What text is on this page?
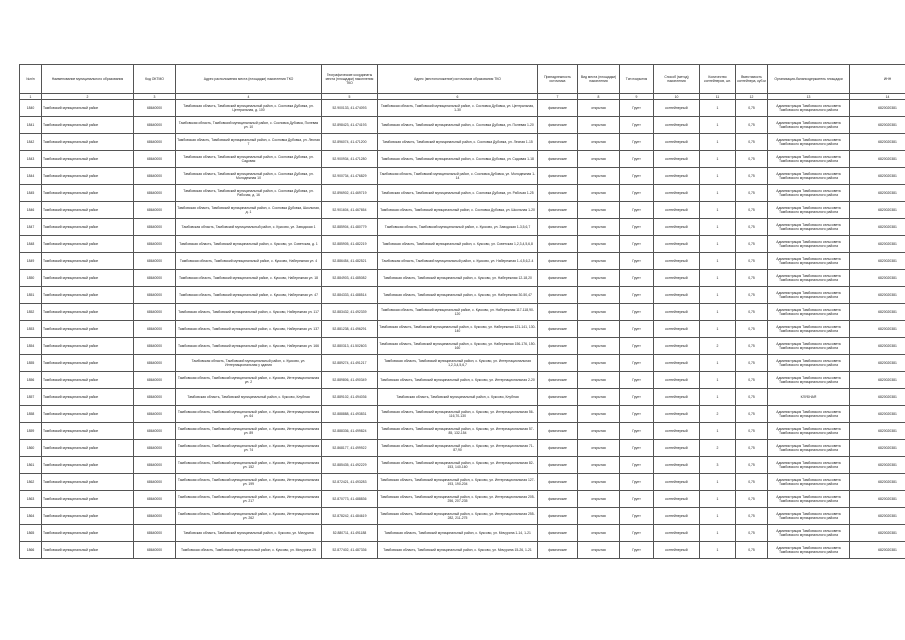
№п/п	Наименование муниципального образования	Код ОКТМО	Адрес расположения места (площадки) накопления ТКО	Географические координаты места (площадки) накопления ТКО	Адрес (местоположение) источников образования ТКО	Принадлежность источника	Вид места (площадки) накопления	Тип покрытия	Способ (метод) накопления	Количество контейнеров, шт.	Вместимость контейнера, куб.м	Организация-балансодержатель площадки	ИНН
1	2	3	4	5	6	7	8	9	10	11	12	13	14
1840	Тамбовский муниципальный район	68640000	Тамбовская область, Тамбовский муниципальный район, с. Сосновка Дубовка, ул. Центральная, д. 100	52.900133, 41.474093	Тамбовская область, Тамбовский муниципальный район, с. Сосновка Дубовка, ул. Центральная, 1-30	физические	открытая	Грунт	контейнерный	1	0,75	Администрация Тамбовского сельсовета Тамбовского муниципального района	6820020381
1841	Тамбовский муниципальный район	68640000	Тамбовская область, Тамбовский муниципальный район, с. Сосновка Дубовка, Полевая ул. 10	52.898423, 41.474193	Тамбовская область, Тамбовский муниципальный район, с. Сосновка Дубовка, ул. Полевая 1-20	физические	открытая	Грунт	контейнерный	1	0,75	Администрация Тамбовского сельсовета Тамбовского муниципального района	6820020381
1842	Тамбовский муниципальный район	68640000	Тамбовская область, Тамбовский муниципальный район, с. Сосновка Дубовка, ул. Лесная 7	52.896074, 41.471200	Тамбовская область, Тамбовский муниципальный район, с. Сосновка Дубовка, ул. Лесная 1-15	физические	открытая	Грунт	контейнерный	1	0,75	Администрация Тамбовского сельсовета Тамбовского муниципального района	6820020381
1843	Тамбовский муниципальный район	68640000	Тамбовская область, Тамбовский муниципальный район, с. Сосновка Дубовка, ул. Садовая	52.900934, 41.471280	Тамбовская область, Тамбовский муниципальный район, с. Сосновка Дубовка, ул. Садовая 1-18	физические	открытая	Грунт	контейнерный	1	0,75	Администрация Тамбовского сельсовета Тамбовского муниципального района	6820020381
1844	Тамбовский муниципальный район	68640000	Тамбовская область, Тамбовский муниципальный район, с. Сосновка Дубовка, ул. Молодежная 10	52.900734, 41.476829	Тамбовская область, Тамбовский муниципальный район, с. Сосновка Дубовка, ул. Молодежная 1-14	физические	открытая	Грунт	контейнерный	1	0,75	Администрация Тамбовского сельсовета Тамбовского муниципального района	6820020381
1845	Тамбовский муниципальный район	68640000	Тамбовская область, Тамбовский муниципальный район, с. Сосновка Дубовка, ул. Рабочая, д. 16	52.896902, 41.469719	Тамбовская область, Тамбовский муниципальный район, с. Сосновка Дубовка, ул. Рабочая 1-25	физические	открытая	Грунт	контейнерный	1	0,75	Администрация Тамбовского сельсовета Тамбовского муниципального района	6820020381
1846	Тамбовский муниципальный район	68640000	Тамбовская область, Тамбовский муниципальный район, с. Сосновка Дубовка, Школьная, д. 1	52.901604, 41.467654	Тамбовская область, Тамбовский муниципальный район, с. Сосновка Дубовка, ул. Школьная 1-20	физические	открытая	Грунт	контейнерный	1	0,75	Администрация Тамбовского сельсовета Тамбовского муниципального района	6820020381
1847	Тамбовский муниципальный район	68640000	Тамбовская область, Тамбовский муниципальный район, с. Куксово, ул. Заводская 1	52.885904, 41.480779	Тамбовская область, Тамбовский муниципальный район, с. Куксово, ул. Заводская 1-3,5,6,7	физические	открытая	Грунт	контейнерный	1	0,75	Администрация Тамбовского сельсовета Тамбовского муниципального района	6820020381
1848	Тамбовский муниципальный район	68640000	Тамбовская область, Тамбовский муниципальный район, с. Куксово, ул. Советская, д. 1	52.885905, 41.482219	Тамбовская область, Тамбовский муниципальный район, с. Куксово, ул. Советская 1,2,3,4,5,6,8	физические	открытая	Грунт	контейнерный	1	0,75	Администрация Тамбовского сельсовета Тамбовского муниципального района	6820020381
1849	Тамбовский муниципальный район	68640000	Тамбовская область, Тамбовский муниципальный район, с. Куксово, Набережная ул. 4	52.886454, 41.482521	Тамбовская область, Тамбовский муниципальный район, с. Куксово, ул. Набережная 1-4,5,6,2-4	физические	открытая	Грунт	контейнерный	1	0,75	Администрация Тамбовского сельсовета Тамбовского муниципального района	6820020381
1850	Тамбовский муниципальный район	68640000	Тамбовская область, Тамбовский муниципальный район, с. Куксово, Набережная ул. 18	52.884903, 41.485082	Тамбовская область, Тамбовский муниципальный район, с. Куксово, ул. Набережная 12-18,20	физические	открытая	Грунт	контейнерный	1	0,75	Администрация Тамбовского сельсовета Тамбовского муниципального района	6820020381
1851	Тамбовский муниципальный район	68640000	Тамбовская область, Тамбовский муниципальный район, с. Куксово, Набережная ул. 47	52.884333, 41.488514	Тамбовская область, Тамбовский муниципальный район, с. Куксово, ул. Набережная 30-50,47	физические	открытая	Грунт	контейнерный	1	0,75	Администрация Тамбовского сельсовета Тамбовского муниципального района	6820020381
1852	Тамбовский муниципальный район	68640000	Тамбовская область, Тамбовский муниципальный район, с. Куксово, Набережная ул. 117	52.883432, 41.492339	Тамбовская область, Тамбовский муниципальный район, с. Куксово, ул. Набережная 117-118,90-120	физические	открытая	Грунт	контейнерный	1	0,75	Администрация Тамбовского сельсовета Тамбовского муниципального района	6820020381
1853	Тамбовский муниципальный район	68640000	Тамбовская область, Тамбовский муниципальный район, с. Куксово, Набережная ул. 137	52.881238, 41.496291	Тамбовская область, Тамбовский муниципальный район, с. Куксово, ул. Набережная 121-141, 130-140	физические	открытая	Грунт	контейнерный	1	0,75	Администрация Тамбовского сельсовета Тамбовского муниципального района	6820020381
1854	Тамбовский муниципальный район	68640000	Тамбовская область, Тамбовский муниципальный район, с. Куксово, Набережная ул. 166	52.880313, 41.502603	Тамбовская область, Тамбовский муниципальный район, с. Куксово, ул. Набережная 156-176, 150-160	физические	открытая	Грунт	контейнерный	2	0,75	Администрация Тамбовского сельсовета Тамбовского муниципального района	6820020381
1855	Тамбовский муниципальный район	68640000	Тамбовская область, Тамбовский муниципальный район, с. Куксово, ул. Интернациональная у здания	52.889274, 41.491217	Тамбовская область, Тамбовский муниципальный район, с. Куксово, ул. Интернациональная 1,2,3,4,5,6,7	физические	открытая	Грунт	контейнерный	1	0,75	Администрация Тамбовского сельсовета Тамбовского муниципального района	6820020381
1856	Тамбовский муниципальный район	68640000	Тамбовская область, Тамбовский муниципальный район, с. Куксово, Интернациональная ул. 2	52.889806, 41.490349	Тамбовская область, Тамбовский муниципальный район, с. Куксово, ул. Интернациональная 2-20	физические	открытая	Грунт	контейнерный	1	0,75	Администрация Тамбовского сельсовета Тамбовского муниципального района	6820020381
1857	Тамбовский муниципальный район	68640000	Тамбовская область, Тамбовский муниципальный район, с. Куксово, Клубная	52.889102, 41.494036	Тамбовская область, Тамбовский муниципальный район, с. Куксово, Клубная	физические	открытая	Грунт	контейнерный	1	0,75	КЛУБНАЯ	6820020381
1858	Тамбовский муниципальный район	68640000	Тамбовская область, Тамбовский муниципальный район, с. Куксово, Интернациональная ул. 64	52.888888, 41.493831	Тамбовская область, Тамбовский муниципальный район, с. Куксово, ул. Интернациональная 56-116,70-130	физические	открытая	Грунт	контейнерный	2	0,75	Администрация Тамбовского сельсовета Тамбовского муниципального района	6820020381
1859	Тамбовский муниципальный район	68640000	Тамбовская область, Тамбовский муниципальный район, с. Куксово, Интернациональная ул. 89	52.888336, 41.499824	Тамбовская область, Тамбовский муниципальный район, с. Куксово, ул. Интернациональная 57-85, 132-154	физические	открытая	Грунт	контейнерный	1	0,75	Администрация Тамбовского сельсовета Тамбовского муниципального района	6820020381
1860	Тамбовский муниципальный район	68640000	Тамбовская область, Тамбовский муниципальный район, с. Куксово, Интернациональная ул. 74	52.868177, 41.499922	Тамбовская область, Тамбовский муниципальный район, с. Куксово, ул. Интернациональная 71-87,90	физические	открытая	Грунт	контейнерный	2	0,75	Администрация Тамбовского сельсовета Тамбовского муниципального района	6820020381
1861	Тамбовский муниципальный район	68640000	Тамбовская область, Тамбовский муниципальный район, с. Куксово, Интернациональная ул. 152	52.885435, 41.492229	Тамбовская область, Тамбовский муниципальный район, с. Куксово, ул. Интернациональная 82-153, 140-160	физические	открытая	Грунт	контейнерный	3	0,75	Администрация Тамбовского сельсовета Тамбовского муниципального района	6820020381
1862	Тамбовский муниципальный район	68640000	Тамбовская область, Тамбовский муниципальный район, с. Куксово, Интернациональная ул. 199	52.872421, 41.493283	Тамбовская область, Тамбовский муниципальный район, с. Куксово, ул. Интернациональная 127-193, 190-204	физические	открытая	Грунт	контейнерный	1	0,75	Администрация Тамбовского сельсовета Тамбовского муниципального района	6820020381
1863	Тамбовский муниципальный район	68640000	Тамбовская область, Тамбовский муниципальный район, с. Куксово, Интернациональная ул. 217	52.870773, 41.488836	Тамбовская область, Тамбовский муниципальный район, с. Куксово, ул. Интернациональная 205-256, 207-235	физические	открытая	Грунт	контейнерный	1	0,75	Администрация Тамбовского сельсовета Тамбовского муниципального района	6820020381
1864	Тамбовский муниципальный район	68640000	Тамбовская область, Тамбовский муниципальный район, с. Куксово, Интернациональная ул. 262	52.878242, 41.484619	Тамбовская область, Тамбовский муниципальный район, с. Куксово, ул. Интернациональная 255-282, 211-275	физические	открытая	Грунт	контейнерный	1	0,75	Администрация Тамбовского сельсовета Тамбовского муниципального района	6820020381
1865	Тамбовский муниципальный район	68640000	Тамбовская область, Тамбовский муниципальный район, с. Куксово, ул. Мичурина	52.880711, 41.491188	Тамбовская область, Тамбовский муниципальный район, с. Куксово, ул. Мичурина 1-14, 1-21	физические	открытая	Грунт	контейнерный	1	0,75	Администрация Тамбовского сельсовета Тамбовского муниципального района	6820020381
1866	Тамбовский муниципальный район	68640000	Тамбовская область, Тамбовский муниципальный район, с. Куксово, ул. Мичурина 25	52.877402, 41.487336	Тамбовская область, Тамбовский муниципальный район, с. Куксово, ул. Мичурина 15-26, 1-21	физические	открытая	Грунт	контейнерный	1	0,75	Администрация Тамбовского сельсовета Тамбовского муниципального района	6820020381
